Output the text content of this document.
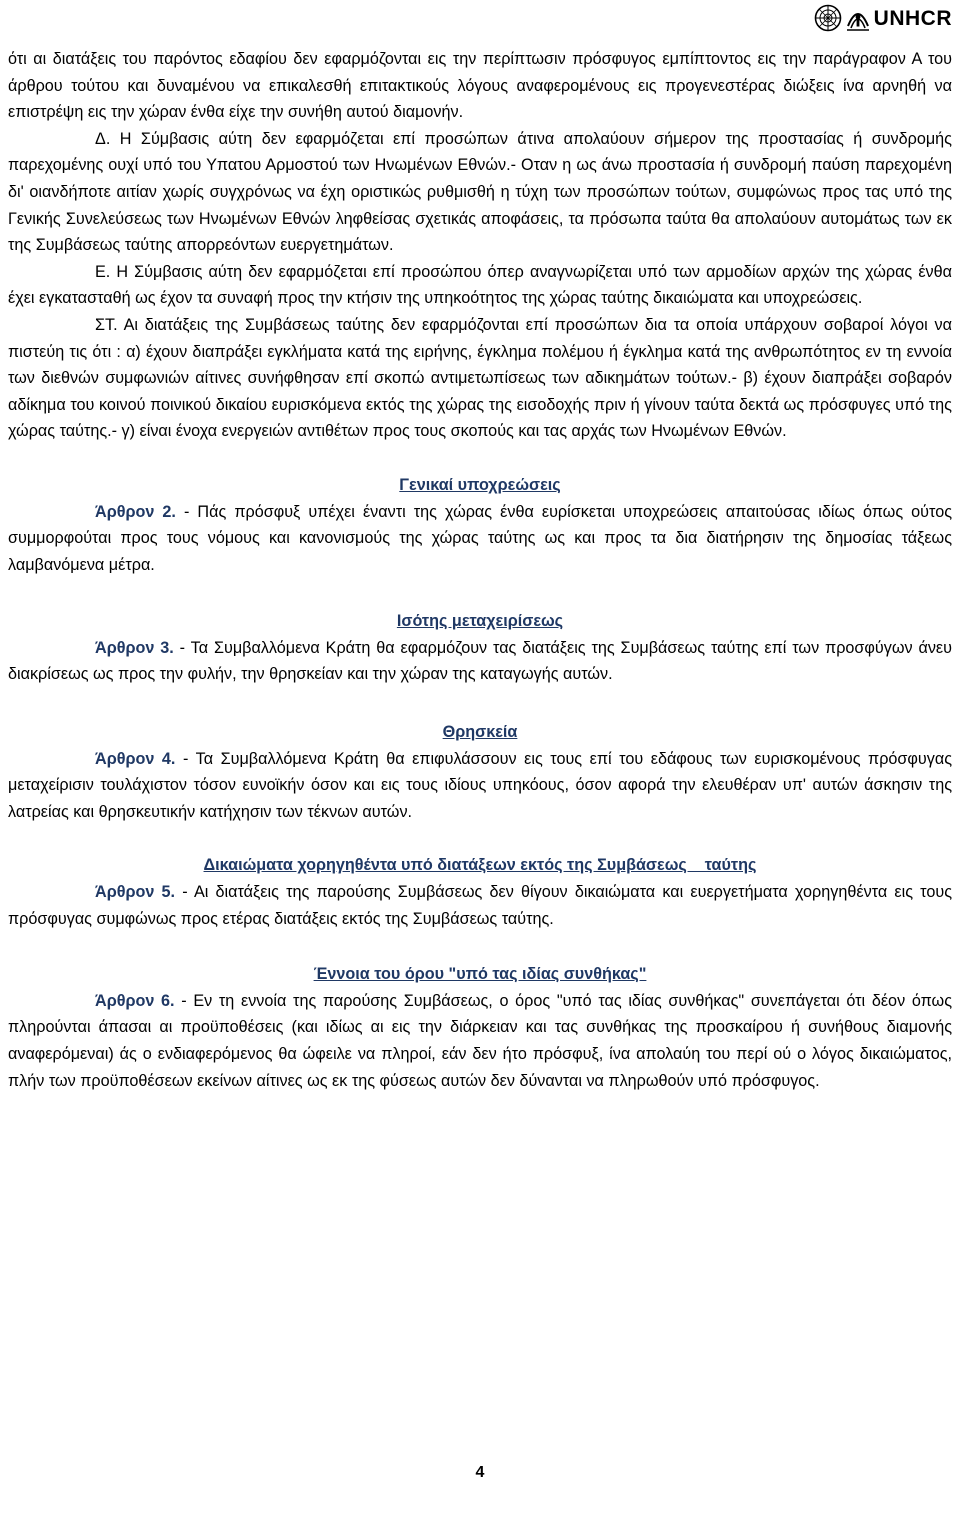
UNHCR

ότι αι διατάξεις του παρόντος εδαφίου δεν εφαρμόζονται εις την περίπτωσιν πρόσφυγος εμπίπτοντος εις την παράγραφον Α του άρθρου τούτου και δυναμένου να επικαλεσθή επιτακτικούς λόγους αναφερομένους εις προγενεστέρας διώξεις ίνα αρνηθή να επιστρέψη εις την χώραν ένθα είχε την συνήθη αυτού διαμονήν.

Δ. Η Σύμβασις αύτη δεν εφαρμόζεται επί προσώπων άτινα απολαύουν σήμερον της προστασίας ή συνδρομής παρεχομένης ουχί υπό του Υπατου Αρμοστού των Ηνωμένων Εθνών.- Οταν η ως άνω προστασία ή συνδρομή παύση παρεχομένη δι' οιανδήποτε αιτίαν χωρίς συγχρόνως να έχη οριστικώς ρυθμισθή η τύχη των προσώπων τούτων, συμφώνως προς τας υπό της Γενικής Συνελεύσεως των Ηνωμένων Εθνών ληφθείσας σχετικάς αποφάσεις, τα πρόσωπα ταύτα θα απολαύουν αυτομάτως των εκ της Συμβάσεως ταύτης απορρεόντων ευεργετημάτων.

Ε. Η Σύμβασις αύτη δεν εφαρμόζεται επί προσώπου όπερ αναγνωρίζεται υπό των αρμοδίων αρχών της χώρας ένθα έχει εγκατασταθή ως έχον τα συναφή προς την κτήσιν της υπηκοότητος της χώρας ταύτης δικαιώματα και υποχρεώσεις.

ΣΤ. Αι διατάξεις της Συμβάσεως ταύτης δεν εφαρμόζονται επί προσώπων δια τα οποία υπάρχουν σοβαροί λόγοι να πιστεύη τις ότι : α) έχουν διαπράξει εγκλήματα κατά της ειρήνης, έγκλημα πολέμου ή έγκλημα κατά της ανθρωπότητος εν τη εννοία των διεθνών συμφωνιών αίτινες συνήφθησαν επί σκοπώ αντιμετωπίσεως των αδικημάτων τούτων.- β) έχουν διαπράξει σοβαρόν αδίκημα του κοινού ποινικού δικαίου ευρισκόμενα εκτός της χώρας της εισοδοχής πριν ή γίνουν ταύτα δεκτά ως πρόσφυγες υπό της χώρας ταύτης.- γ) είναι ένοχα ενεργειών αντιθέτων προς τους σκοπούς και τας αρχάς των Ηνωμένων Εθνών.

Γενικαί υποχρεώσεις

Άρθρον 2. - Πάς πρόσφυξ υπέχει έναντι της χώρας ένθα ευρίσκεται υποχρεώσεις απαιτούσας ιδίως όπως ούτος συμμορφούται προς τους νόμους και κανονισμούς της χώρας ταύτης ως και προς τα δια διατήρησιν της δημοσίας τάξεως λαμβανόμενα μέτρα.

Ισότης μεταχειρίσεως

Άρθρον 3. - Τα Συμβαλλόμενα Κράτη θα εφαρμόζουν τας διατάξεις της Συμβάσεως ταύτης επί των προσφύγων άνευ διακρίσεως ως προς την φυλήν, την θρησκείαν και την χώραν της καταγωγής αυτών.

Θρησκεία

Άρθρον 4. - Τα Συμβαλλόμενα Κράτη θα επιφυλάσσουν εις τους επί του εδάφους των ευρισκομένους πρόσφυγας μεταχείρισιν τουλάχιστον τόσον ευνοϊκήν όσον και εις τους ιδίους υπηκόους, όσον αφορά την ελευθέραν υπ' αυτών άσκησιν της λατρείας και θρησκευτικήν κατήχησιν των τέκνων αυτών.

Δικαιώματα χορηγηθέντα υπό διατάξεων εκτός της Συμβάσεως    ταύτης

Άρθρον 5. - Αι διατάξεις της παρούσης Συμβάσεως δεν θίγουν δικαιώματα και ευεργετήματα χορηγηθέντα εις τους πρόσφυγας συμφώνως προς ετέρας διατάξεις εκτός της Συμβάσεως ταύτης.

Έννοια του όρου "υπό τας ιδίας συνθήκας"

Άρθρον 6. - Εν τη εννοία της παρούσης Συμβάσεως, ο όρος "υπό τας ιδίας συνθήκας" συνεπάγεται ότι δέον όπως πληρούνται άπασαι αι προϋποθέσεις (και ιδίως αι εις την διάρκειαν και τας συνθήκας της προσκαίρου ή συνήθους διαμονής αναφερόμεναι) άς ο ενδιαφερόμενος θα ώφειλε να πληροί, εάν δεν ήτο πρόσφυξ, ίνα απολαύη του περί ού ο λόγος δικαιώματος, πλήν των προϋποθέσεων εκείνων αίτινες ως εκ της φύσεως αυτών δεν δύνανται να πληρωθούν υπό πρόσφυγος.

4
